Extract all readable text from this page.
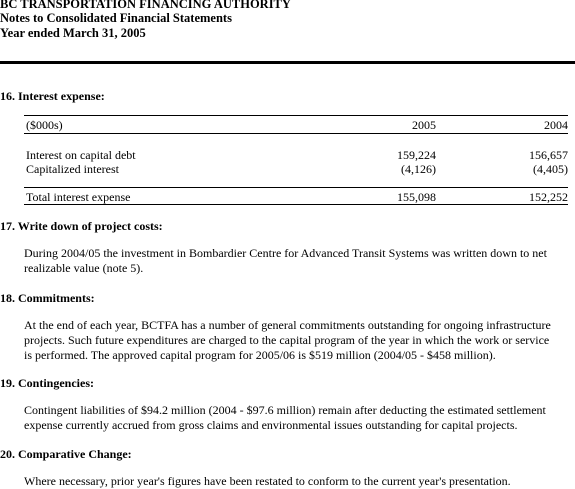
BC TRANSPORTATION FINANCING AUTHORITY
Notes to Consolidated Financial Statements
Year ended March 31, 2005
16. Interest expense:
($000s)	2005	2004
Interest on capital debt	159,224	156,657
Capitalized interest	(4,126)	(4,405)
Total interest expense	155,098	152,252
17. Write down of project costs:
During 2004/05 the investment in Bombardier Centre for Advanced Transit Systems was written down to net
realizable value (note 5).
18. Commitments:
At the end of each year, BCTFA has a number of general commitments outstanding for ongoing infrastructure
projects. Such future expenditures are charged to the capital program of the year in which the work or service
is performed. The approved capital program for 2005/06 is $519 million (2004/05 - $458 million).
19. Contingencies:
Contingent liabilities of $94.2 million (2004 - $97.6 million) remain after deducting the estimated settlement
expense currently accrued from gross claims and environmental issues outstanding for capital projects.
20. Comparative Change:
Where necessary, prior year's figures have been restated to conform to the current year's presentation.
